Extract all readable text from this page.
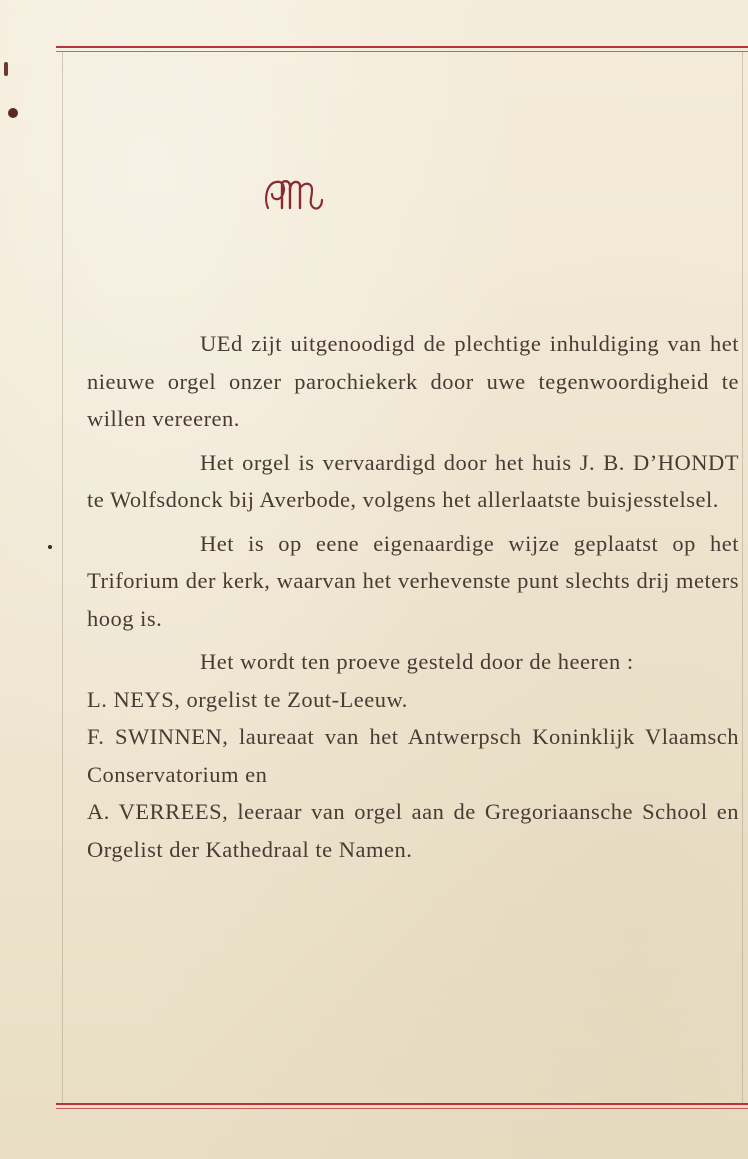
UEd zijt uitgenoodigd de plechtige inhuldiging van het nieuwe orgel onzer parochiekerk door uwe tegenwoordigheid te willen vereeren.

Het orgel is vervaardigd door het huis J. B. D’HONDT te Wolfsdonck bij Averbode, volgens het allerlaatste buisjesstelsel.

Het is op eene eigenaardige wijze geplaatst op het Triforium der kerk, waarvan het verhevenste punt slechts drij meters hoog is.

Het wordt ten proeve gesteld door de heeren :

L. NEYS, orgelist te Zout-Leeuw.

F. SWINNEN, laureaat van het Antwerpsch Koninklijk Vlaamsch Conservatorium en

A. VERREES, leeraar van orgel aan de Gregoriaansche School en Orgelist der Kathedraal te Namen.
